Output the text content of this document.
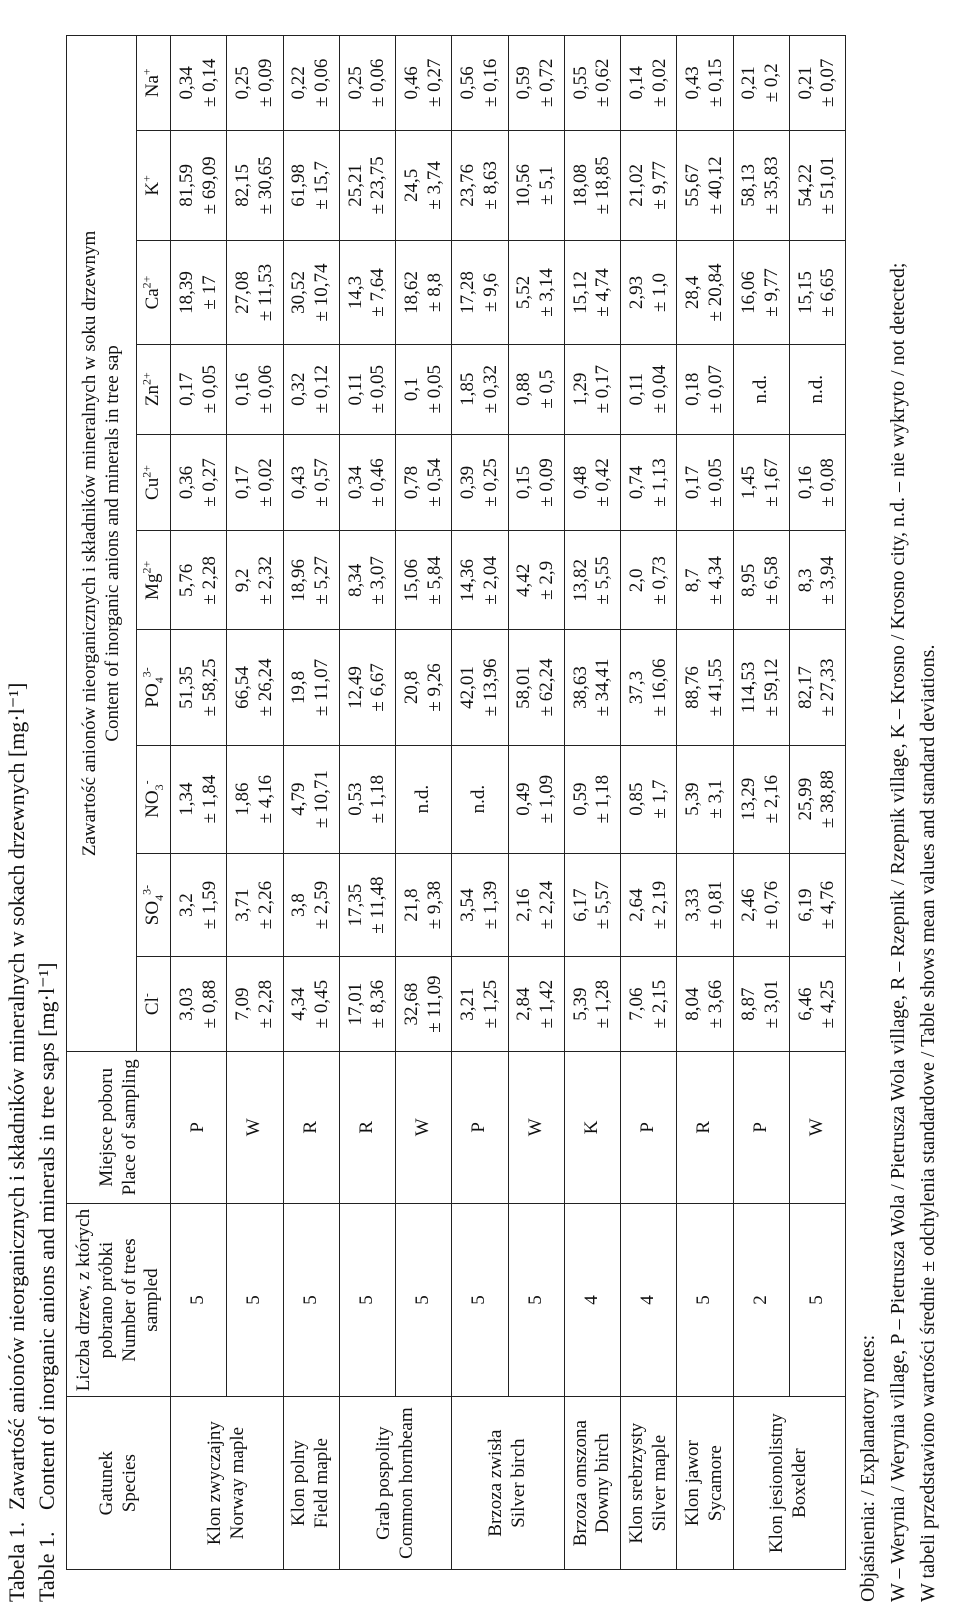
Tabela 1.Zawartość anionów nieorganicznych i składników mineralnych w sokach drzewnych [mg·l⁻¹]
Table 1.Content of inorganic anions and minerals in tree saps [mg·l⁻¹] Gatunek Species	Liczba drzew, z których pobrano próbki Number of trees sampled	Miejsce poboru Place of sampling	Zawartość anionów nieorganicznych i składników mineralnych w soku drzewnym Content of inorganic anions and minerals in tree sap									

			Cl-	$SO_4^{3-}$	$NO_3^-$	$PO_4^{3-}$	$Mg^{2+}$	$Cu^{2+}$	$Zn^{2+}$	$Ca^{2+}$	K+	Na+

Klon zwyczajny Norway maple	5	P	3,03 ± 0,88	3,2 ± 1,59	1,34 ± 1,84	51,35 ± 58,25	5,76 ± 2,28	0,36 ± 0,27	0,17 ± 0,05	18,39 ± 17	81,59 ± 69,09	0,34 ± 0,14

	5	W	7,09 ± 2,28	3,71 ± 2,26	1,86 ± 4,16	66,54 ± 26,24	9,2 ± 2,32	0,17 ± 0,02	0,16 ± 0,06	27,08 ± 11,53	82,15 ± 30,65	0,25 ± 0,09

Klon polny Field maple	5	R	4,34 ± 0,45	3,8 ± 2,59	4,79 ± 10,71	19,8 ± 11,07	18,96 ± 5,27	0,43 ± 0,57	0,32 ± 0,12	30,52 ± 10,74	61,98 ± 15,7	0,22 ± 0,06

Grab pospolity Common hornbeam	5	R	17,01 ± 8,36	17,35 ± 11,48	0,53 ± 1,18	12,49 ± 6,67	8,34 ± 3,07	0,34 ± 0,46	0,11 ± 0,05	14,3 ± 7,64	25,21 ± 23,75	0,25 ± 0,06

	5	W	32,68 ± 11,09	21,8 ± 9,38	n.d.	20,8 ± 9,26	15,06 ± 5,84	0,78 ± 0,54	0,1 ± 0,05	18,62 ± 8,8	24,5 ± 3,74	0,46 ± 0,27

Brzoza zwisła Silver birch	5	P	3,21 ± 1,25	3,54 ± 1,39	n.d.	42,01 ± 13,96	14,36 ± 2,04	0,39 ± 0,25	1,85 ± 0,32	17,28 ± 9,6	23,76 ± 8,63	0,56 ± 0,16

	5	W	2,84 ± 1,42	2,16 ± 2,24	0,49 ± 1,09	58,01 ± 62,24	4,42 ± 2,9	0,15 ± 0,09	0,88 ± 0,5	5,52 ± 3,14	10,56 ± 5,1	0,59 ± 0,72

Brzoza omszona Downy birch	4	K	5,39 ± 1,28	6,17 ± 5,57	0,59 ± 1,18	38,63 ± 34,41	13,82 ± 5,55	0,48 ± 0,42	1,29 ± 0,17	15,12 ± 4,74	18,08 ± 18,85	0,55 ± 0,62

Klon srebrzysty Silver maple	4	P	7,06 ± 2,15	2,64 ± 2,19	0,85 ± 1,7	37,3 ± 16,06	2,0 ± 0,73	0,74 ± 1,13	0,11 ± 0,04	2,93 ± 1,0	21,02 ± 9,77	0,14 ± 0,02

Klon jawor Sycamore	5	R	8,04 ± 3,66	3,33 ± 0,81	5,39 ± 3,1	88,76 ± 41,55	8,7 ± 4,34	0,17 ± 0,05	0,18 ± 0,07	28,4 ± 20,84	55,67 ± 40,12	0,43 ± 0,15

Klon jesionolistny Boxelder	2	P	8,87 ± 3,01	2,46 ± 0,76	13,29 ± 2,16	114,53 ± 59,12	8,95 ± 6,58	1,45 ± 1,67	n.d.	16,06 ± 9,77	58,13 ± 35,83	0,21 ± 0,2

	5	W	6,46 ± 4,25	6,19 ± 4,76	25,99 ± 38,88	82,17 ± 27,33	8,3 ± 3,94	0,16 ± 0,08	n.d.	15,15 ± 6,65	54,22 ± 51,01	0,21 ± 0,07
Objaśnienia: / Explanatory notes: W – Werynia / Werynia village, P – Pietrusza Wola / Pietrusza Wola village, R – Rzepnik / Rzepnik village, K – Krosno / Krosno city, n.d. – nie wykryto / not detected; W tabeli przedstawiono wartości średnie ± odchylenia standardowe / Table shows mean values and standard deviations.
